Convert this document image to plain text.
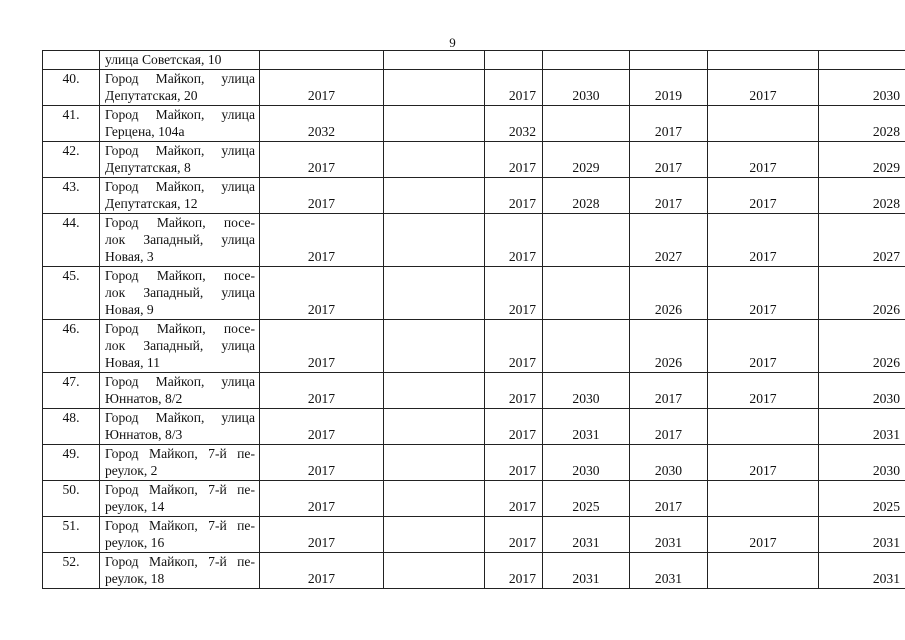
9

	улица Советская, 10							

40.	Город Майкоп, улица
Депутатская, 20	2017		2017	2030	2019	2017	2030
41.	Город Майкоп, улица
Герцена, 104а	2032		2032		2017		2028
42.	Город Майкоп, улица
Депутатская, 8	2017		2017	2029	2017	2017	2029
43.	Город Майкоп, улица
Депутатская, 12	2017		2017	2028	2017	2017	2028
44.	Город Майкоп, посе-
лок Западный, улица
Новая, 3	2017		2017		2027	2017	2027
45.	Город Майкоп, посе-
лок Западный, улица
Новая, 9	2017		2017		2026	2017	2026
46.	Город Майкоп, посе-
лок Западный, улица
Новая, 11	2017		2017		2026	2017	2026
47.	Город Майкоп, улица
Юннатов, 8/2	2017		2017	2030	2017	2017	2030
48.	Город Майкоп, улица
Юннатов, 8/3	2017		2017	2031	2017		2031
49.	Город Майкоп, 7-й пе-
реулок, 2	2017		2017	2030	2030	2017	2030
50.	Город Майкоп, 7-й пе-
реулок, 14	2017		2017	2025	2017		2025
51.	Город Майкоп, 7-й пе-
реулок, 16	2017		2017	2031	2031	2017	2031
52.	Город Майкоп, 7-й пе-
реулок, 18	2017		2017	2031	2031		2031
